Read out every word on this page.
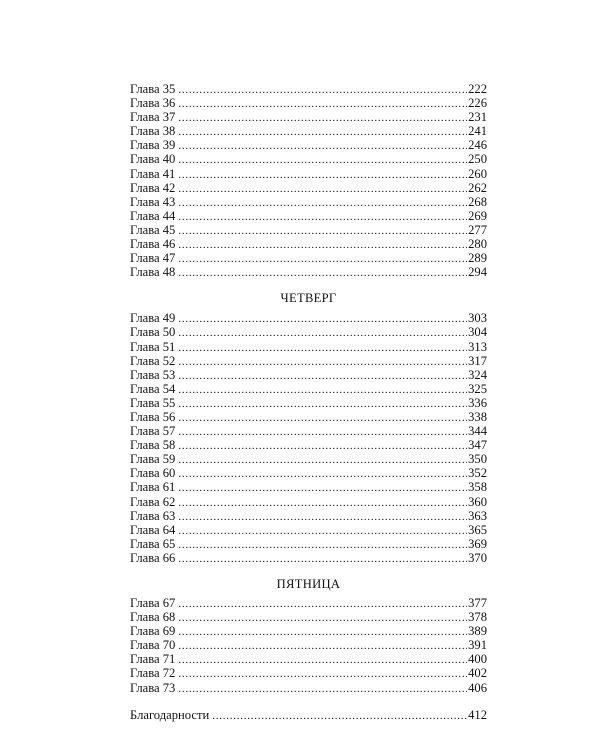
Глава 35 . . .	222
Глава 36 . . .	226
Глава 37 . . .	231
Глава 38 . . .	241
Глава 39 . . .	246
Глава 40 . . .	250
Глава 41 . . .	260
Глава 42 . . .	262
Глава 43 . . .	268
Глава 44 . . .	269
Глава 45 . . .	277
Глава 46 . . .	280
Глава 47 . . .	289
Глава 48 . . .	294
ЧЕТВЕРГ
Глава 49 . . .	303
Глава 50 . . .	304
Глава 51 . . .	313
Глава 52 . . .	317
Глава 53 . . .	324
Глава 54 . . .	325
Глава 55 . . .	336
Глава 56 . . .	338
Глава 57 . . .	344
Глава 58 . . .	347
Глава 59 . . .	350
Глава 60 . . .	352
Глава 61 . . .	358
Глава 62 . . .	360
Глава 63 . . .	363
Глава 64 . . .	365
Глава 65 . . .	369
Глава 66 . . .	370
ПЯТНИЦА
Глава 67 . . .	377
Глава 68 . . .	378
Глава 69 . . .	389
Глава 70 . . .	391
Глава 71 . . .	400
Глава 72 . . .	402
Глава 73 . . .	406
Благодарности . . .	412
